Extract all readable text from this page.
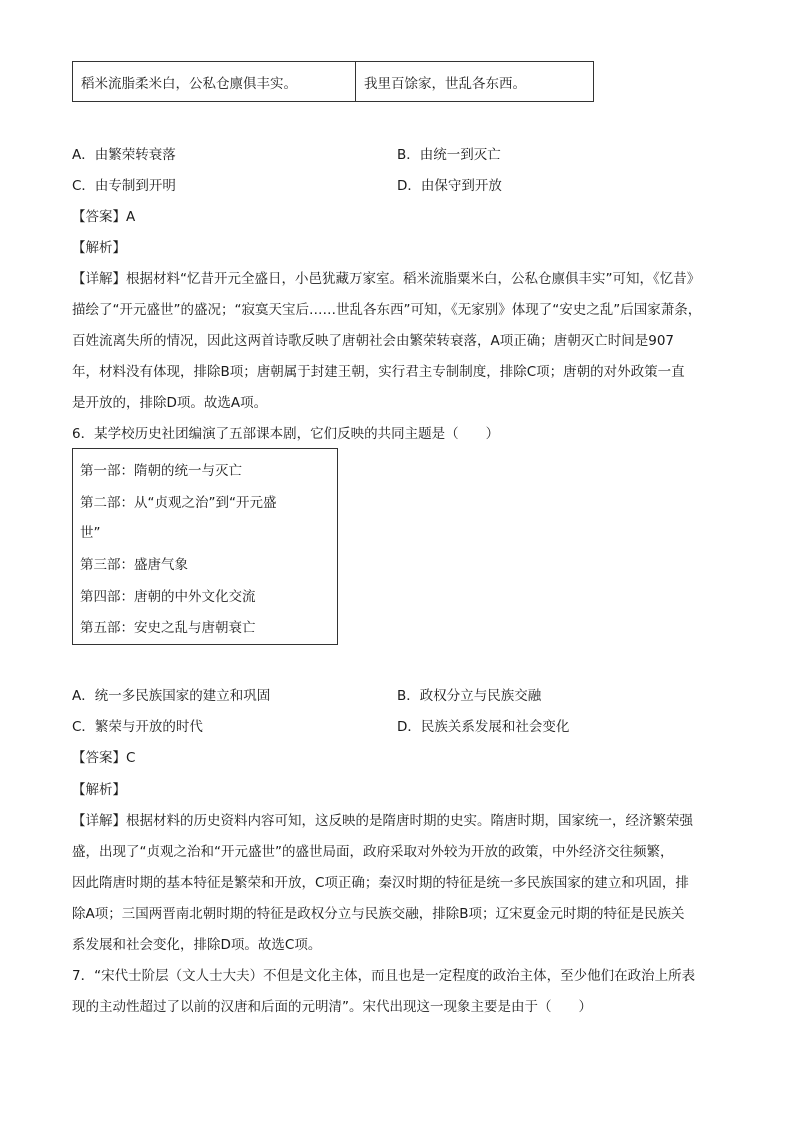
稻米流脂柔米白，公私仓廪俱丰实。	我里百馀家，世乱各东西。
A．由繁荣转衰落	B．由统一到灭亡
C．由专制到开明	D．由保守到开放
【答案】A
【解析】
【详解】根据材料“忆昔开元全盛日，小邑犹藏万家室。稻米流脂粟米白，公私仓廪俱丰实”可知，《忆昔》
描绘了“开元盛世”的盛况；“寂寞天宝后……世乱各东西”可知，《无家别》体现了“安史之乱”后国家萧条，
百姓流离失所的情况，因此这两首诗歌反映了唐朝社会由繁荣转衰落，A项正确；唐朝灭亡时间是907
年，材料没有体现，排除B项；唐朝属于封建王朝，实行君主专制制度，排除C项；唐朝的对外政策一直
是开放的，排除D项。故选A项。
6．某学校历史社团编演了五部课本剧，它们反映的共同主题是（　　）
第一部：隋朝的统一与灭亡
第二部：从“贞观之治”到“开元盛
世”
第三部：盛唐气象
第四部：唐朝的中外文化交流
第五部：安史之乱与唐朝衰亡
A．统一多民族国家的建立和巩固	B．政权分立与民族交融
C．繁荣与开放的时代	D．民族关系发展和社会变化
【答案】C
【解析】
【详解】根据材料的历史资料内容可知，这反映的是隋唐时期的史实。隋唐时期，国家统一，经济繁荣强
盛，出现了“贞观之治和“开元盛世”的盛世局面，政府采取对外较为开放的政策，中外经济交往频繁，
因此隋唐时期的基本特征是繁荣和开放，C项正确；秦汉时期的特征是统一多民族国家的建立和巩固，排
除A项；三国两晋南北朝时期的特征是政权分立与民族交融，排除B项；辽宋夏金元时期的特征是民族关
系发展和社会变化，排除D项。故选C项。
7．“宋代士阶层（文人士大夫）不但是文化主体，而且也是一定程度的政治主体，至少他们在政治上所表
现的主动性超过了以前的汉唐和后面的元明清”。宋代出现这一现象主要是由于（　　）
